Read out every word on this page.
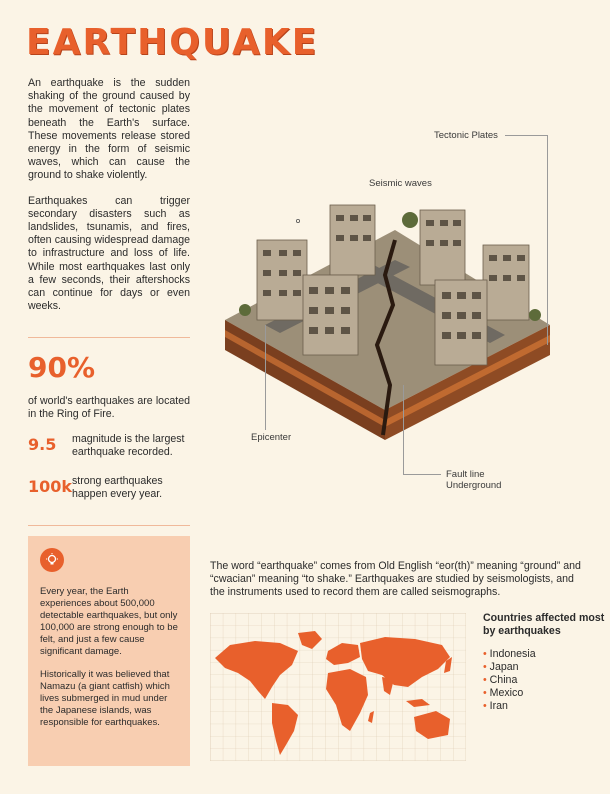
EARTHQUAKE

An earthquake is the sudden shaking of the ground caused by the movement of tectonic plates beneath the Earth's surface. These movements release stored energy in the form of seismic waves, which can cause the ground to shake violently.

Earthquakes can trigger secondary disasters such as landslides, tsunamis, and fires, often causing widespread damage to infrastructure and loss of life. While most earthquakes last only a few seconds, their aftershocks can continue for days or even weeks.

90%
of world's earthquakes are located in the Ring of Fire.
9.5	magnitude is the largest earthquake recorded.
100k strong earthquakes happen every year.

Every year, the Earth experiences about 500,000 detectable earthquakes, but only 100,000 are strong enough to be felt, and just a few cause significant damage.

Historically it was believed that Namazu (a giant catfish) which lives submerged in mud under the Japanese islands, was responsible for earthquakes.

Tectonic Plates
Seismic waves
Epicenter
Fault line
Underground
The word “earthquake” comes from Old English “eor(th)” meaning “ground” and “cwacian” meaning “to shake.” Earthquakes are studied by seismologists, and the instruments used to record them are called seismographs.
Countries affected most by earthquakes
• Indonesia
• Japan
• China
• Mexico
• Iran
